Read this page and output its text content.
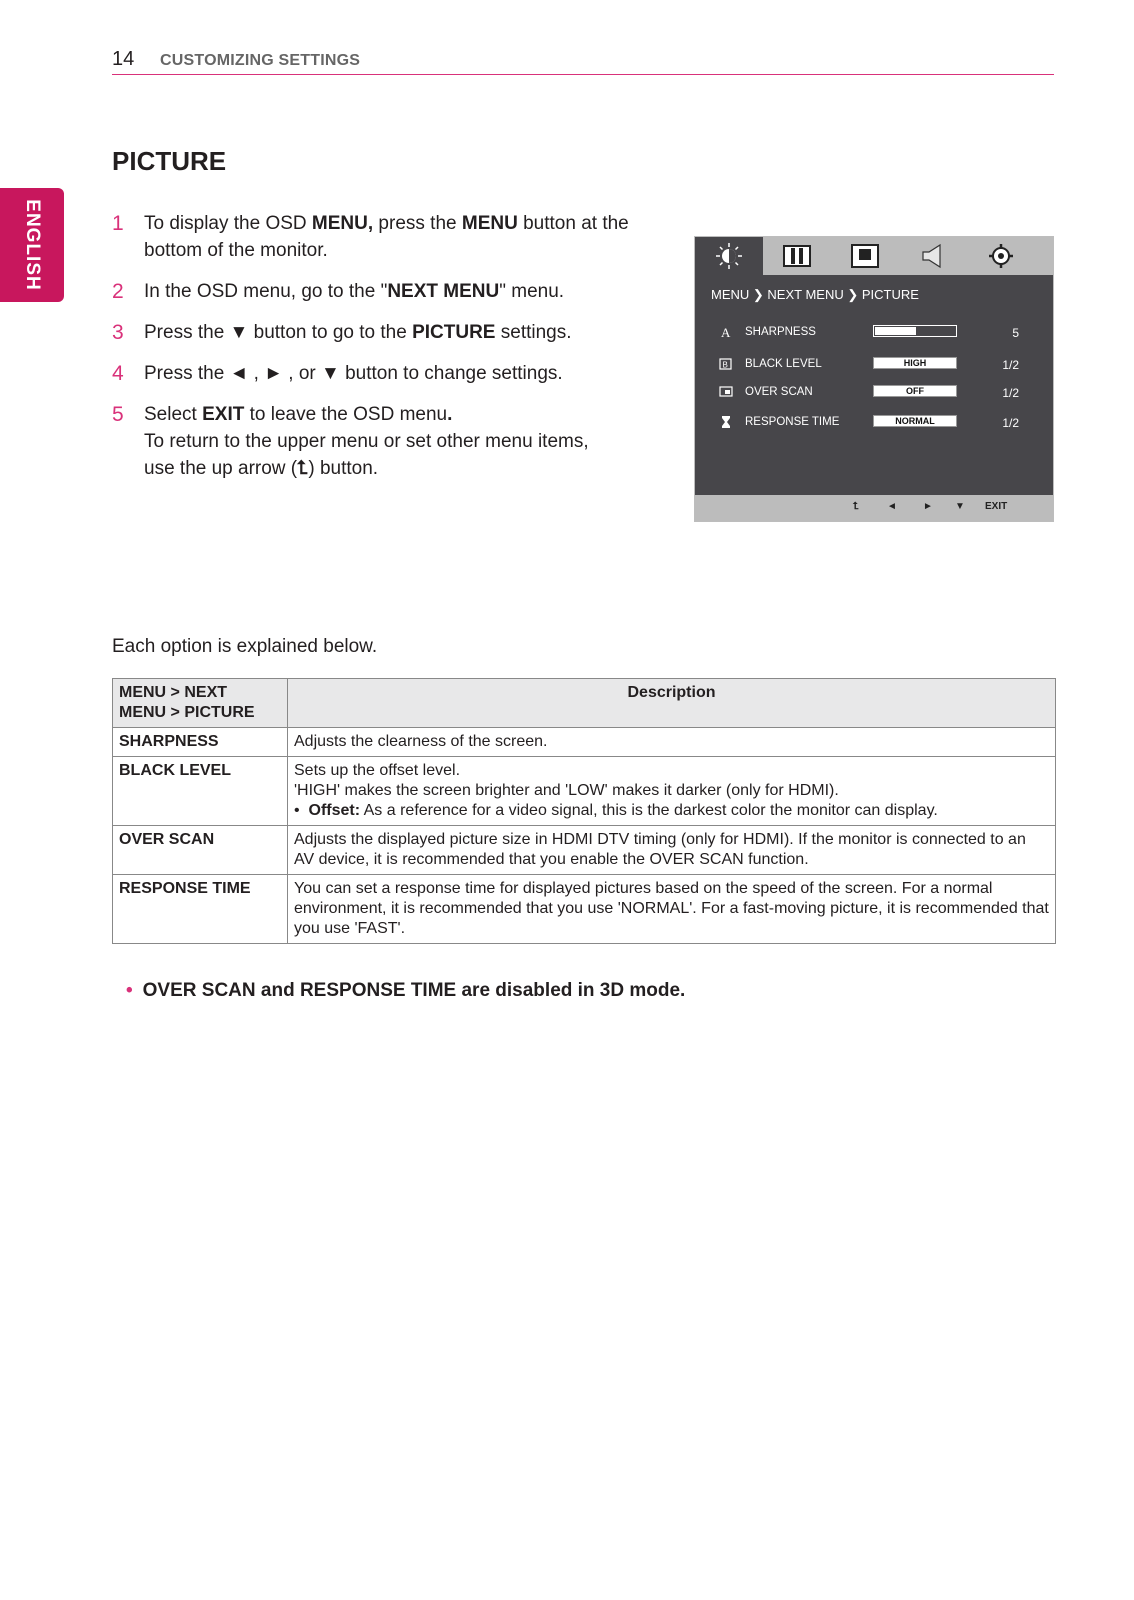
14 CUSTOMIZING SETTINGS
ENGLISH
PICTURE
1 To display the OSD MENU, press the MENU button at the bottom of the monitor.
2 In the OSD menu, go to the "NEXT MENU" menu.
3 Press the ▼ button to go to the PICTURE settings.
4 Press the ◄ , ► , or ▼ button to change settings.
5 Select EXIT to leave the OSD menu.
To return to the upper menu or set other menu items,
use the up arrow (⮤) button.
MENU ❯ NEXT MENU ❯ PICTURE
A SHARPNESS	5
B BLACK LEVEL	HIGH	1/2
OVER SCAN	OFF	1/2
RESPONSE TIME	NORMAL	1/2
⮤	◄	► ▼ EXIT
Each option is explained below.
MENU > NEXT
MENU > PICTURE	Description
SHARPNESS	Adjusts the clearness of the screen.
BLACK LEVEL	Sets up the offset level.
'HIGH' makes the screen brighter and 'LOW' makes it darker (only for HDMI).
•  Offset: As a reference for a video signal, this is the darkest color the monitor can display.
OVER SCAN	Adjusts the displayed picture size in HDMI DTV timing (only for HDMI). If the monitor is connected to an AV device, it is recommended that you enable the OVER SCAN function.
RESPONSE TIME	You can set a response time for displayed pictures based on the speed of the screen. For a normal environment, it is recommended that you use 'NORMAL'. For a fast-moving picture, it is recommended that you use 'FAST'.
• OVER SCAN and RESPONSE TIME are disabled in 3D mode.
